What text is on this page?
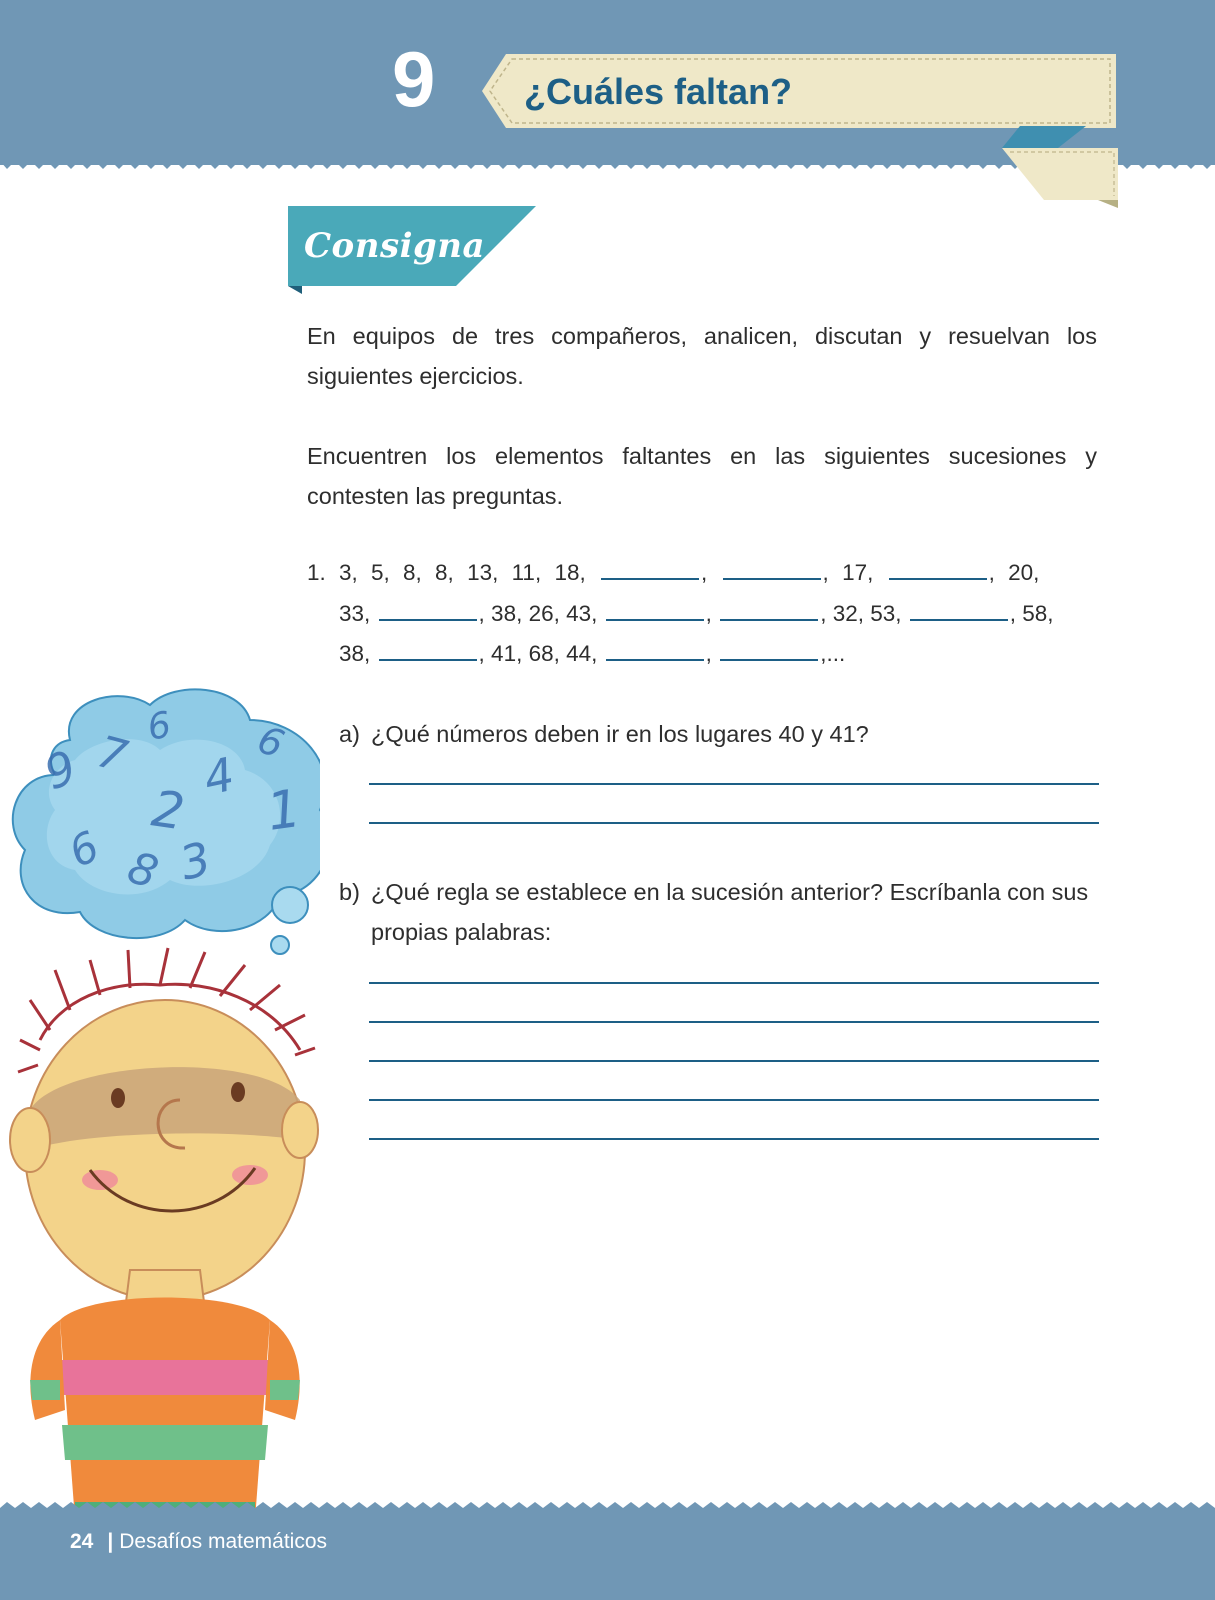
9	¿Cuáles faltan?
Consigna

En equipos de tres compañeros, analicen, discutan y resuelvan los siguientes ejercicios.

Encuentren los elementos faltantes en las siguientes sucesiones y contesten las preguntas.

1. 3, 5, 8, 8, 13, 11, 18,	,	, 17,	, 20,
33,	, 38, 26, 43,	,	, 32, 53,	, 58,
38,	, 41, 68, 44,	,	,...
a) ¿Qué números deben ir en los lugares 40 y 41?
b) ¿Qué regla se establece en la sucesión anterior? Escríbanla con sus propias palabras:
9 7 6
2
4
6
1
6 8 3
24 | Desafíos matemáticos
